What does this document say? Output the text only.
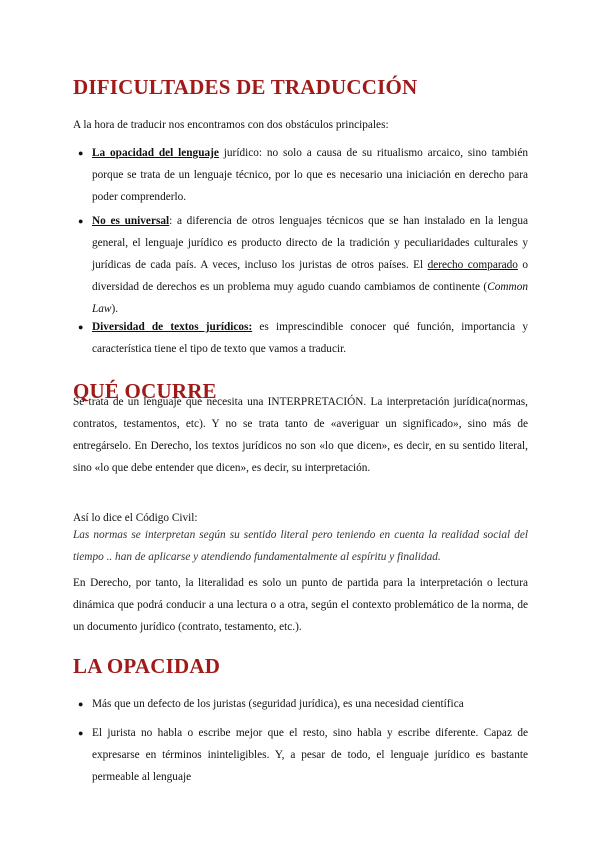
DIFICULTADES DE TRADUCCIÓN

A la hora de traducir nos encontramos con dos obstáculos principales:

● La opacidad del lenguaje jurídico: no solo a causa de su ritualismo arcaico, sino también porque se trata de un lenguaje técnico, por lo que es necesario una iniciación en derecho para poder comprenderlo.
● No es universal: a diferencia de otros lenguajes técnicos que se han instalado en la lengua general, el lenguaje jurídico es producto directo de la tradición y peculiaridades culturales y jurídicas de cada país. A veces, incluso los juristas de otros países. El derecho comparado o diversidad de derechos es un problema muy agudo cuando cambiamos de continente (Common Law).
● Diversidad de textos jurídicos: es imprescindible conocer qué función, importancia y característica tiene el tipo de texto que vamos a traducir.
QUÉ OCURRE

Se trata de un lenguaje que necesita una INTERPRETACIÓN. La interpretación jurídica(normas, contratos, testamentos, etc). Y no se trata tanto de «averiguar un significado», sino más de entregárselo. En Derecho, los textos jurídicos no son «lo que dicen», es decir, en su sentido literal, sino «lo que debe entender que dicen», es decir, su interpretación.

Así lo dice el Código Civil:

Las normas se interpretan según su sentido literal pero teniendo en cuenta la realidad social del tiempo .. han de aplicarse y atendiendo fundamentalmente al espíritu y finalidad.

En Derecho, por tanto, la literalidad es solo un punto de partida para la interpretación o lectura dinámica que podrá conducir a una lectura o a otra, según el contexto problemático de la norma, de un documento jurídico (contrato, testamento, etc.).

LA OPACIDAD
● Más que un defecto de los juristas (seguridad jurídica), es una necesidad científica
● El jurista no habla o escribe mejor que el resto, sino habla y escribe diferente. Capaz de expresarse en términos ininteligibles. Y, a pesar de todo, el lenguaje jurídico es bastante permeable al lenguaje
